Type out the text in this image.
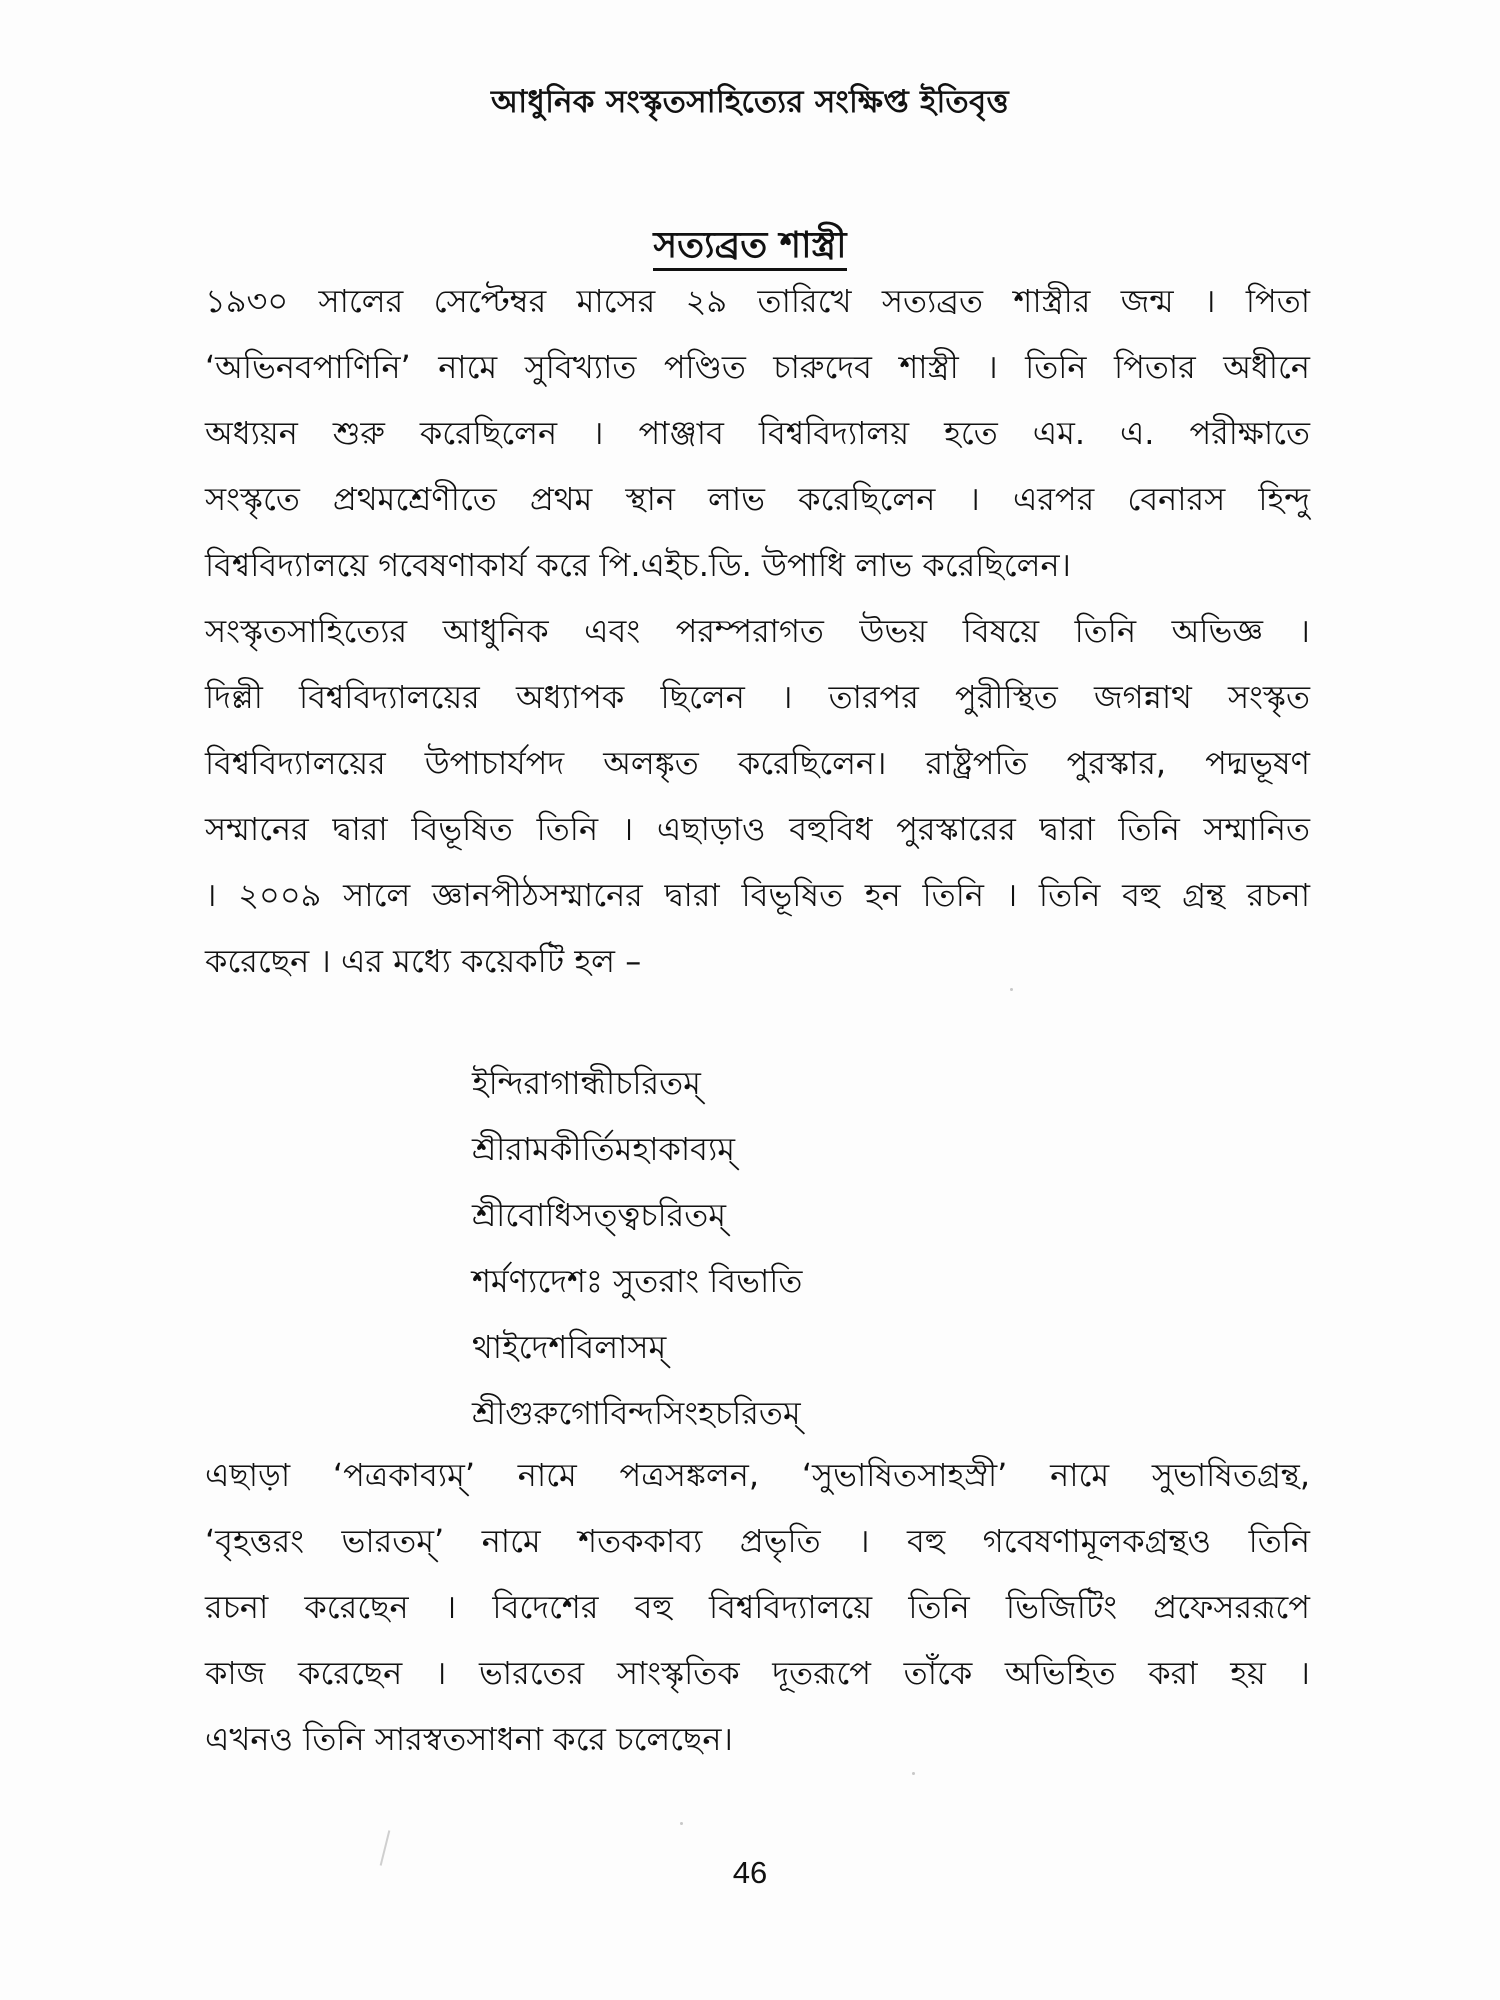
আধুনিক সংস্কৃতসাহিত্যের সংক্ষিপ্ত ইতিবৃত্ত
সত্যব্রত শাস্ত্রী
১৯৩০ সালের সেপ্টেম্বর মাসের ২৯ তারিখে সত্যব্রত শাস্ত্রীর জন্ম । পিতা
‘অভিনবপাণিনি’ নামে সুবিখ্যাত পণ্ডিত চারুদেব শাস্ত্রী । তিনি পিতার অধীনে
অধ্যয়ন শুরু করেছিলেন । পাঞ্জাব বিশ্ববিদ্যালয় হতে এম. এ. পরীক্ষাতে
সংস্কৃতে প্রথমশ্রেণীতে প্রথম স্থান লাভ করেছিলেন । এরপর বেনারস হিন্দু
বিশ্ববিদ্যালয়ে গবেষণাকার্য করে পি.এইচ.ডি. উপাধি লাভ করেছিলেন।
সংস্কৃতসাহিত্যের আধুনিক এবং পরম্পরাগত উভয় বিষয়ে তিনি অভিজ্ঞ ।
দিল্লী বিশ্ববিদ্যালয়ের অধ্যাপক ছিলেন । তারপর পুরীস্থিত জগন্নাথ সংস্কৃত
বিশ্ববিদ্যালয়ের উপাচার্যপদ অলঙ্কৃত করেছিলেন। রাষ্ট্রপতি পুরস্কার, পদ্মভূষণ
সম্মানের দ্বারা বিভূষিত তিনি । এছাড়াও বহুবিধ পুরস্কারের দ্বারা তিনি সম্মানিত
। ২০০৯ সালে জ্ঞানপীঠসম্মানের দ্বারা বিভূষিত হন তিনি । তিনি বহু গ্রন্থ রচনা
করেছেন । এর মধ্যে কয়েকটি হল –
ইন্দিরাগান্ধীচরিতম্
শ্রীরামকীর্তিমহাকাব্যম্
শ্রীবোধিসত্ত্বচরিতম্
শর্মণ্যদেশঃ সুতরাং বিভাতি
থাইদেশবিলাসম্
শ্রীগুরুগোবিন্দসিংহচরিতম্
এছাড়া ‘পত্রকাব্যম্’ নামে পত্রসঙ্কলন, ‘সুভাষিতসাহস্রী’ নামে সুভাষিতগ্রন্থ,
‘বৃহত্তরং ভারতম্’ নামে শতককাব্য প্রভৃতি । বহু গবেষণামূলকগ্রন্থও তিনি
রচনা করেছেন । বিদেশের বহু বিশ্ববিদ্যালয়ে তিনি ভিজিটিং প্রফেসররূপে
কাজ করেছেন । ভারতের সাংস্কৃতিক দূতরূপে তাঁকে অভিহিত করা হয় ।
এখনও তিনি সারস্বতসাধনা করে চলেছেন।
46
